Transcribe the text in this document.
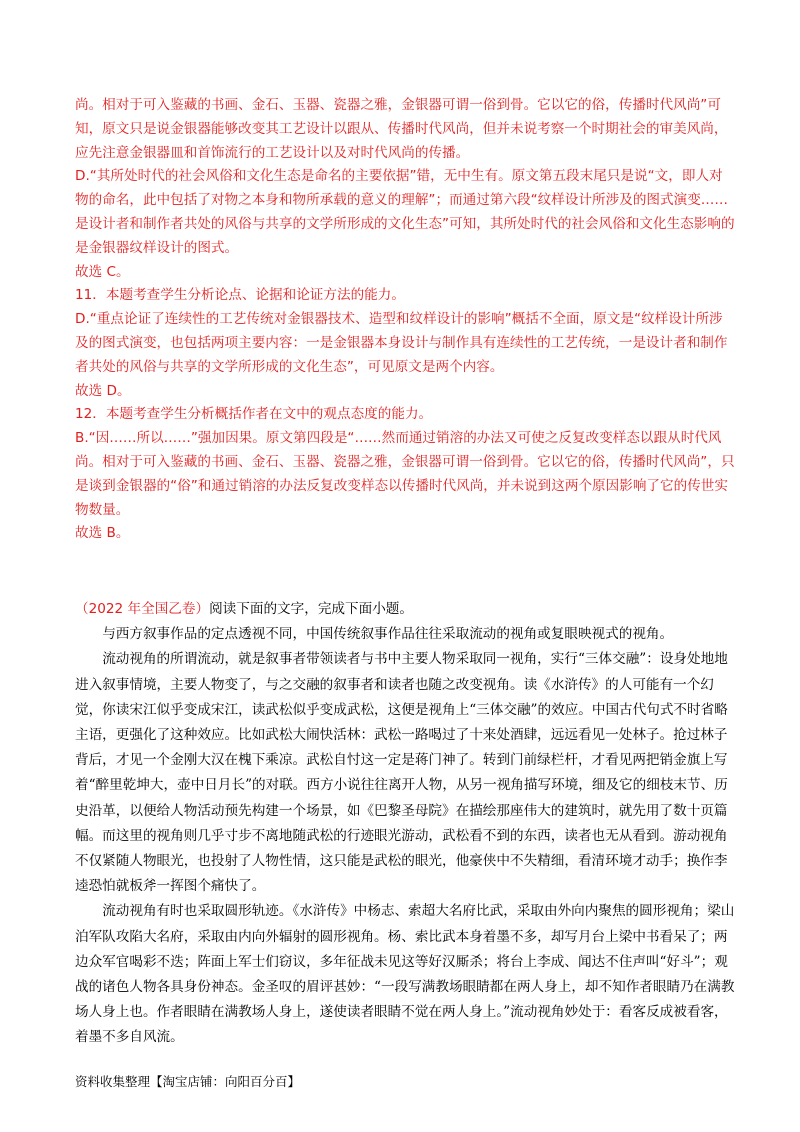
尚。相对于可入鉴藏的书画、金石、玉器、瓷器之雅，金银器可谓一俗到骨。它以它的俗，传播时代风尚”可知，原文只是说金银器能够改变其工艺设计以跟从、传播时代风尚，但并未说考察一个时期社会的审美风尚，应先注意金银器皿和首饰流行的工艺设计以及对时代风尚的传播。

D.“其所处时代的社会风俗和文化生态是命名的主要依据”错，无中生有。原文第五段末尾只是说“文，即人对物的命名，此中包括了对物之本身和物所承载的意义的理解”；而通过第六段“纹样设计所涉及的图式演变……是设计者和制作者共处的风俗与共享的文学所形成的文化生态”可知，其所处时代的社会风俗和文化生态影响的是金银器纹样设计的图式。

故选 C。

11．本题考查学生分析论点、论据和论证方法的能力。

D.“重点论证了连续性的工艺传统对金银器技术、造型和纹样设计的影响”概括不全面，原文是“纹样设计所涉及的图式演变，也包括两项主要内容：一是金银器本身设计与制作具有连续性的工艺传统，一是设计者和制作者共处的风俗与共享的文学所形成的文化生态”，可见原文是两个内容。

故选 D。

12．本题考查学生分析概括作者在文中的观点态度的能力。

B.“因……所以……”强加因果。原文第四段是“……然而通过销溶的办法又可使之反复改变样态以跟从时代风尚。相对于可入鉴藏的书画、金石、玉器、瓷器之雅，金银器可谓一俗到骨。它以它的俗，传播时代风尚”，只是谈到金银器的“俗”和通过销溶的办法反复改变样态以传播时代风尚，并未说到这两个原因影响了它的传世实物数量。

故选 B。

（2022 年全国乙卷）阅读下面的文字，完成下面小题。

与西方叙事作品的定点透视不同，中国传统叙事作品往往采取流动的视角或复眼映视式的视角。

流动视角的所谓流动，就是叙事者带领读者与书中主要人物采取同一视角，实行“三体交融”：设身处地地进入叙事情境，主要人物变了，与之交融的叙事者和读者也随之改变视角。读《水浒传》的人可能有一个幻觉，你读宋江似乎变成宋江，读武松似乎变成武松，这便是视角上“三体交融”的效应。中国古代句式不时省略主语，更强化了这种效应。比如武松大闹快活林：武松一路喝过了十来处酒肆，远远看见一处林子。抢过林子背后，才见一个金刚大汉在槐下乘凉。武松自忖这一定是蒋门神了。转到门前绿栏杆，才看见两把销金旗上写着“醉里乾坤大，壶中日月长”的对联。西方小说往往离开人物，从另一视角描写环境，细及它的细枝末节、历史沿革，以便给人物活动预先构建一个场景，如《巴黎圣母院》在描绘那座伟大的建筑时，就先用了数十页篇幅。而这里的视角则几乎寸步不离地随武松的行迹眼光游动，武松看不到的东西，读者也无从看到。游动视角不仅紧随人物眼光，也投射了人物性情，这只能是武松的眼光，他豪侠中不失精细，看清环境才动手；换作李逵恐怕就板斧一挥图个痛快了。

流动视角有时也采取圆形轨迹。《水浒传》中杨志、索超大名府比武，采取由外向内聚焦的圆形视角；梁山泊军队攻陷大名府，采取由内向外辐射的圆形视角。杨、索比武本身着墨不多，却写月台上梁中书看呆了；两边众军官喝彩不迭；阵面上军士们窃议，多年征战未见这等好汉厮杀；将台上李成、闻达不住声叫“好斗”；观战的诸色人物各具身份神态。金圣叹的眉评甚妙：“一段写满教场眼睛都在两人身上，却不知作者眼睛乃在满教场人身上也。作者眼睛在满教场人身上，遂使读者眼睛不觉在两人身上。”流动视角妙处于：看客反成被看客，着墨不多自风流。

资料收集整理【淘宝店铺：向阳百分百】
